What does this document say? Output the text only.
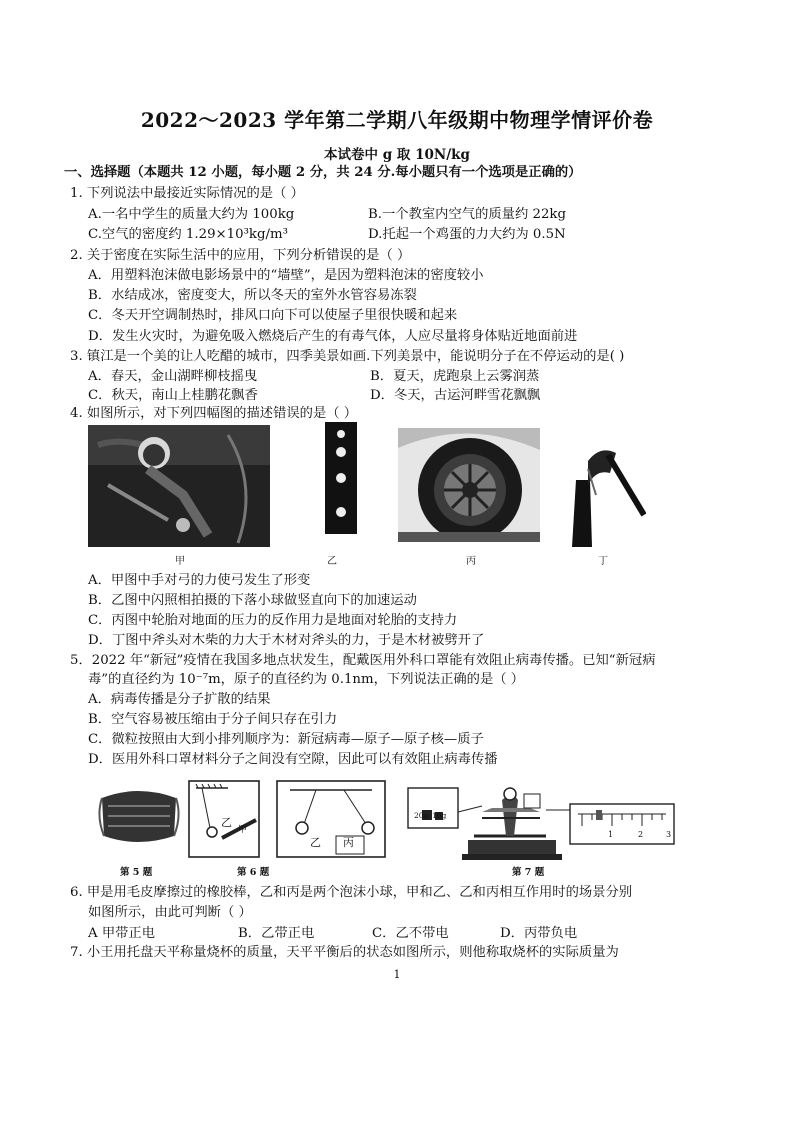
2022～2023 学年第二学期八年级期中物理学情评价卷
本试卷中 g 取 10N/kg
一、选择题（本题共 12 小题，每小题 2 分，共 24 分.每小题只有一个选项是正确的）
1. 下列说法中最接近实际情况的是（ ）
A.一名中学生的质量大约为 100kg	B.一个教室内空气的质量约 22kg
C.空气的密度约 1.29×10³kg/m³	D.托起一个鸡蛋的力大约为 0.5N
2. 关于密度在实际生活中的应用，下列分析错误的是（ ）
A．用塑料泡沫做电影场景中的“墙壁”，是因为塑料泡沫的密度较小
B．水结成冰，密度变大，所以冬天的室外水管容易冻裂
C．冬天开空调制热时，排风口向下可以使屋子里很快暖和起来
D．发生火灾时，为避免吸入燃烧后产生的有毒气体，人应尽量将身体贴近地面前进
3. 镇江是一个美的让人吃醋的城市，四季美景如画.下列美景中，能说明分子在不停运动的是( )
A．春天，金山湖畔柳枝摇曳	B．夏天，虎跑泉上云雾润蒸
C．秋天，南山上桂鹏花飘香	D．冬天，古运河畔雪花飘飘
4. 如图所示，对下列四幅图的描述错误的是（ ）
甲	乙	丙	丁
A．甲图中手对弓的力使弓发生了形变
B．乙图中闪照相拍摄的下落小球做竖直向下的加速运动
C．丙图中轮胎对地面的压力的反作用力是地面对轮胎的支持力
D．丁图中斧头对木柴的力大于木材对斧头的力，于是木材被劈开了
5．2022 年“新冠”疫情在我国多地点状发生，配戴医用外科口罩能有效阻止病毒传播。已知“新冠病
毒”的直径约为 10⁻⁷m，原子的直径约为 0.1nm，下列说法正确的是（ ）
A．病毒传播是分子扩散的结果
B．空气容易被压缩由于分子间只存在引力
C．微粒按照由大到小排列顺序为：新冠病毒—原子—原子核—质子
D．医用外科口罩材料分子之间没有空隙，因此可以有效阻止病毒传播
乙
甲
乙 丙
20g 10g
1	2	3
第 5 题	第 6 题	第 7 题
6. 甲是用毛皮摩擦过的橡胶棒，乙和丙是两个泡沫小球，甲和乙、乙和丙相互作用时的场景分别
如图所示，由此可判断（ ）
A 甲带正电	B．乙带正电	C．乙不带电	D．丙带负电
7. 小王用托盘天平称量烧杯的质量，天平平衡后的状态如图所示，则他称取烧杯的实际质量为
1
